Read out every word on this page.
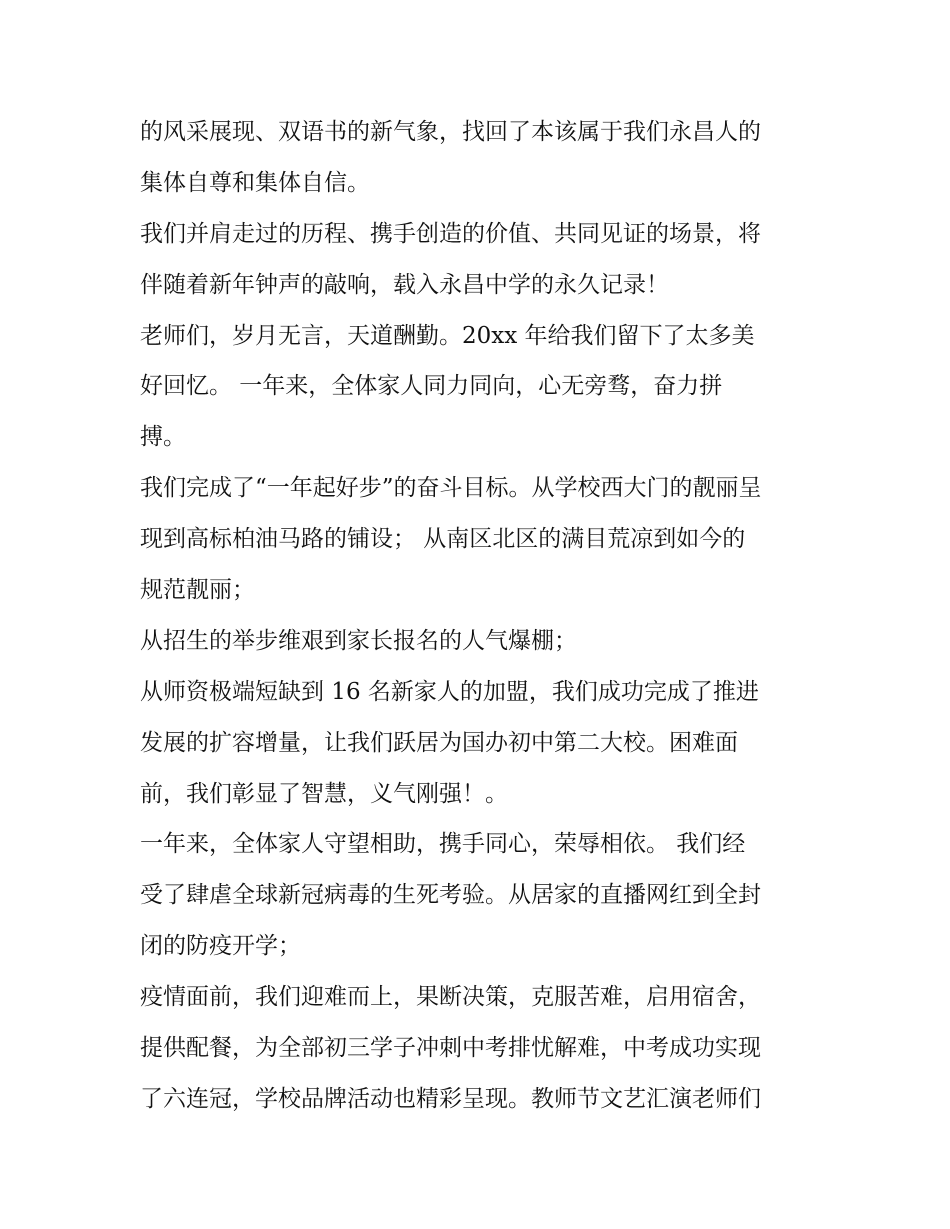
的风采展现、双语书的新气象，找回了本该属于我们永昌人的
集体自尊和集体自信。
我们并肩走过的历程、携手创造的价值、共同见证的场景，将
伴随着新年钟声的敲响，载入永昌中学的永久记录！
老师们，岁月无言，天道酬勤。20xx 年给我们留下了太多美
好回忆。 一年来，全体家人同力同向，心无旁骛，奋力拼
搏。
我们完成了“一年起好步”的奋斗目标。从学校西大门的靓丽呈
现到高标柏油马路的铺设； 从南区北区的满目荒凉到如今的
规范靓丽；
从招生的举步维艰到家长报名的人气爆棚；
从师资极端短缺到 16 名新家人的加盟，我们成功完成了推进
发展的扩容增量，让我们跃居为国办初中第二大校。困难面
前，我们彰显了智慧，义气刚强！。
一年来，全体家人守望相助，携手同心，荣辱相依。 我们经
受了肆虐全球新冠病毒的生死考验。从居家的直播网红到全封
闭的防疫开学；
疫情面前，我们迎难而上，果断决策，克服苦难，启用宿舍，
提供配餐，为全部初三学子冲刺中考排忧解难，中考成功实现
了六连冠，学校品牌活动也精彩呈现。教师节文艺汇演老师们
